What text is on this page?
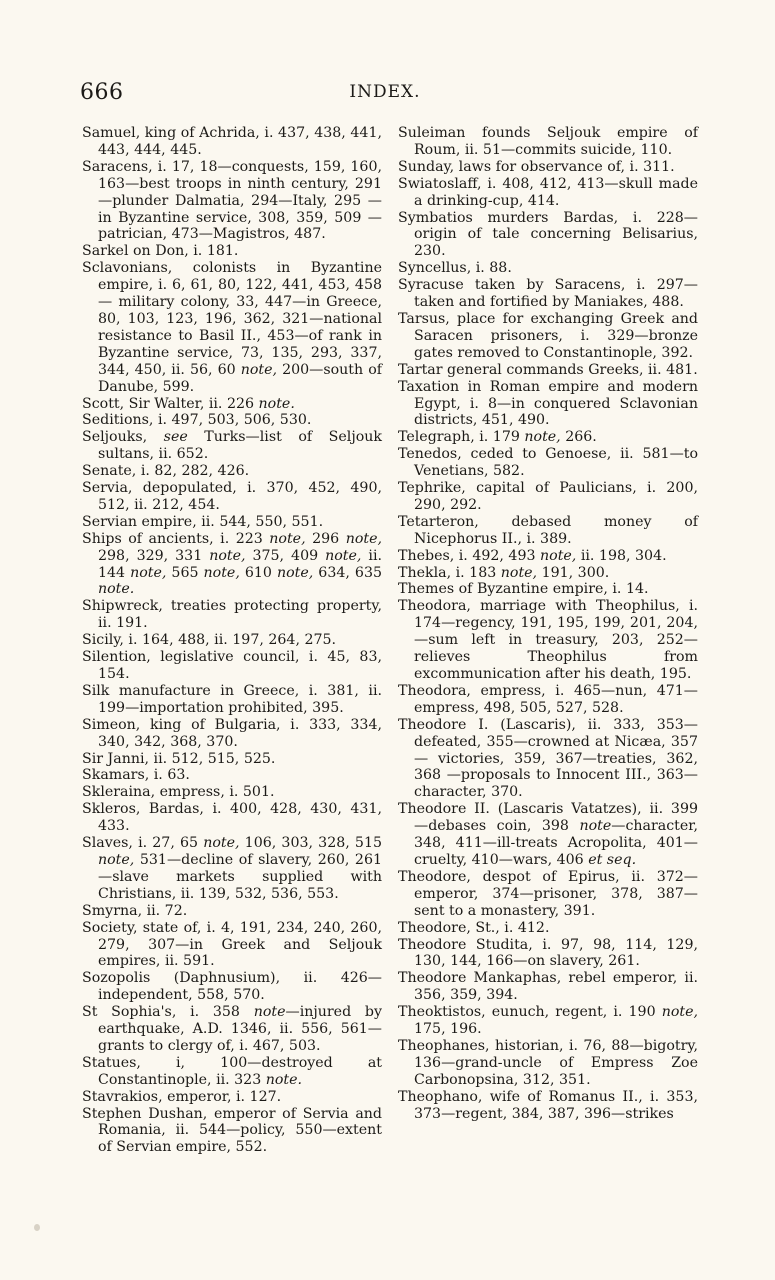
666	INDEX.

Samuel, king of Achrida, i. 437, 438, 441, 443, 444, 445.

Saracens, i. 17, 18—conquests, 159, 160, 163—best troops in ninth century, 291 —plunder Dalmatia, 294—Italy, 295 —in Byzantine service, 308, 359, 509 —patrician, 473—Magistros, 487.

Sarkel on Don, i. 181.

Sclavonians, colonists in Byzantine empire, i. 6, 61, 80, 122, 441, 453, 458— military colony, 33, 447—in Greece, 80, 103, 123, 196, 362, 321—national resistance to Basil II., 453—of rank in Byzantine service, 73, 135, 293, 337, 344, 450, ii. 56, 60 note, 200—south of Danube, 599.

Scott, Sir Walter, ii. 226 note.

Seditions, i. 497, 503, 506, 530.

Seljouks, see Turks—list of Seljouk sultans, ii. 652.

Senate, i. 82, 282, 426.

Servia, depopulated, i. 370, 452, 490, 512, ii. 212, 454.

Servian empire, ii. 544, 550, 551.

Ships of ancients, i. 223 note, 296 note, 298, 329, 331 note, 375, 409 note, ii. 144 note, 565 note, 610 note, 634, 635 note.

Shipwreck, treaties protecting property, ii. 191.

Sicily, i. 164, 488, ii. 197, 264, 275.

Silention, legislative council, i. 45, 83, 154.

Silk manufacture in Greece, i. 381, ii. 199—importation prohibited, 395.

Simeon, king of Bulgaria, i. 333, 334, 340, 342, 368, 370.

Sir Janni, ii. 512, 515, 525.

Skamars, i. 63.

Skleraina, empress, i. 501.

Skleros, Bardas, i. 400, 428, 430, 431, 433.

Slaves, i. 27, 65 note, 106, 303, 328, 515 note, 531—decline of slavery, 260, 261 —slave markets supplied with Christians, ii. 139, 532, 536, 553.

Smyrna, ii. 72.

Society, state of, i. 4, 191, 234, 240, 260, 279, 307—in Greek and Seljouk empires, ii. 591.

Sozopolis (Daphnusium), ii. 426—independent, 558, 570.

St Sophia's, i. 358 note—injured by earthquake, A.D. 1346, ii. 556, 561—grants to clergy of, i. 467, 503.

Statues, i, 100—destroyed at Constantinople, ii. 323 note.

Stavrakios, emperor, i. 127.

Stephen Dushan, emperor of Servia and Romania, ii. 544—policy, 550—extent of Servian empire, 552.

Suleiman founds Seljouk empire of Roum, ii. 51—commits suicide, 110.

Sunday, laws for observance of, i. 311.

Swiatoslaff, i. 408, 412, 413—skull made a drinking-cup, 414.

Symbatios murders Bardas, i. 228—origin of tale concerning Belisarius, 230.

Syncellus, i. 88.

Syracuse taken by Saracens, i. 297— taken and fortified by Maniakes, 488.

Tarsus, place for exchanging Greek and Saracen prisoners, i. 329—bronze gates removed to Constantinople, 392.

Tartar general commands Greeks, ii. 481.

Taxation in Roman empire and modern Egypt, i. 8—in conquered Sclavonian districts, 451, 490.

Telegraph, i. 179 note, 266.

Tenedos, ceded to Genoese, ii. 581—to Venetians, 582.

Tephrike, capital of Paulicians, i. 200, 290, 292.

Tetarteron, debased money of Nicephorus II., i. 389.

Thebes, i. 492, 493 note, ii. 198, 304.

Thekla, i. 183 note, 191, 300.

Themes of Byzantine empire, i. 14.

Theodora, marriage with Theophilus, i. 174—regency, 191, 195, 199, 201, 204, —sum left in treasury, 203, 252—relieves Theophilus from excommunication after his death, 195.

Theodora, empress, i. 465—nun, 471— empress, 498, 505, 527, 528.

Theodore I. (Lascaris), ii. 333, 353—defeated, 355—crowned at Nicæa, 357— victories, 359, 367—treaties, 362, 368 —proposals to Innocent III., 363— character, 370.

Theodore II. (Lascaris Vatatzes), ii. 399 —debases coin, 398 note—character, 348, 411—ill-treats Acropolita, 401— cruelty, 410—wars, 406 et seq.

Theodore, despot of Epirus, ii. 372— emperor, 374—prisoner, 378, 387— sent to a monastery, 391.

Theodore, St., i. 412.

Theodore Studita, i. 97, 98, 114, 129, 130, 144, 166—on slavery, 261.

Theodore Mankaphas, rebel emperor, ii. 356, 359, 394.

Theoktistos, eunuch, regent, i. 190 note, 175, 196.

Theophanes, historian, i. 76, 88—bigotry, 136—grand-uncle of Empress Zoe Carbonopsina, 312, 351.

Theophano, wife of Romanus II., i. 353, 373—regent, 384, 387, 396—strikes
